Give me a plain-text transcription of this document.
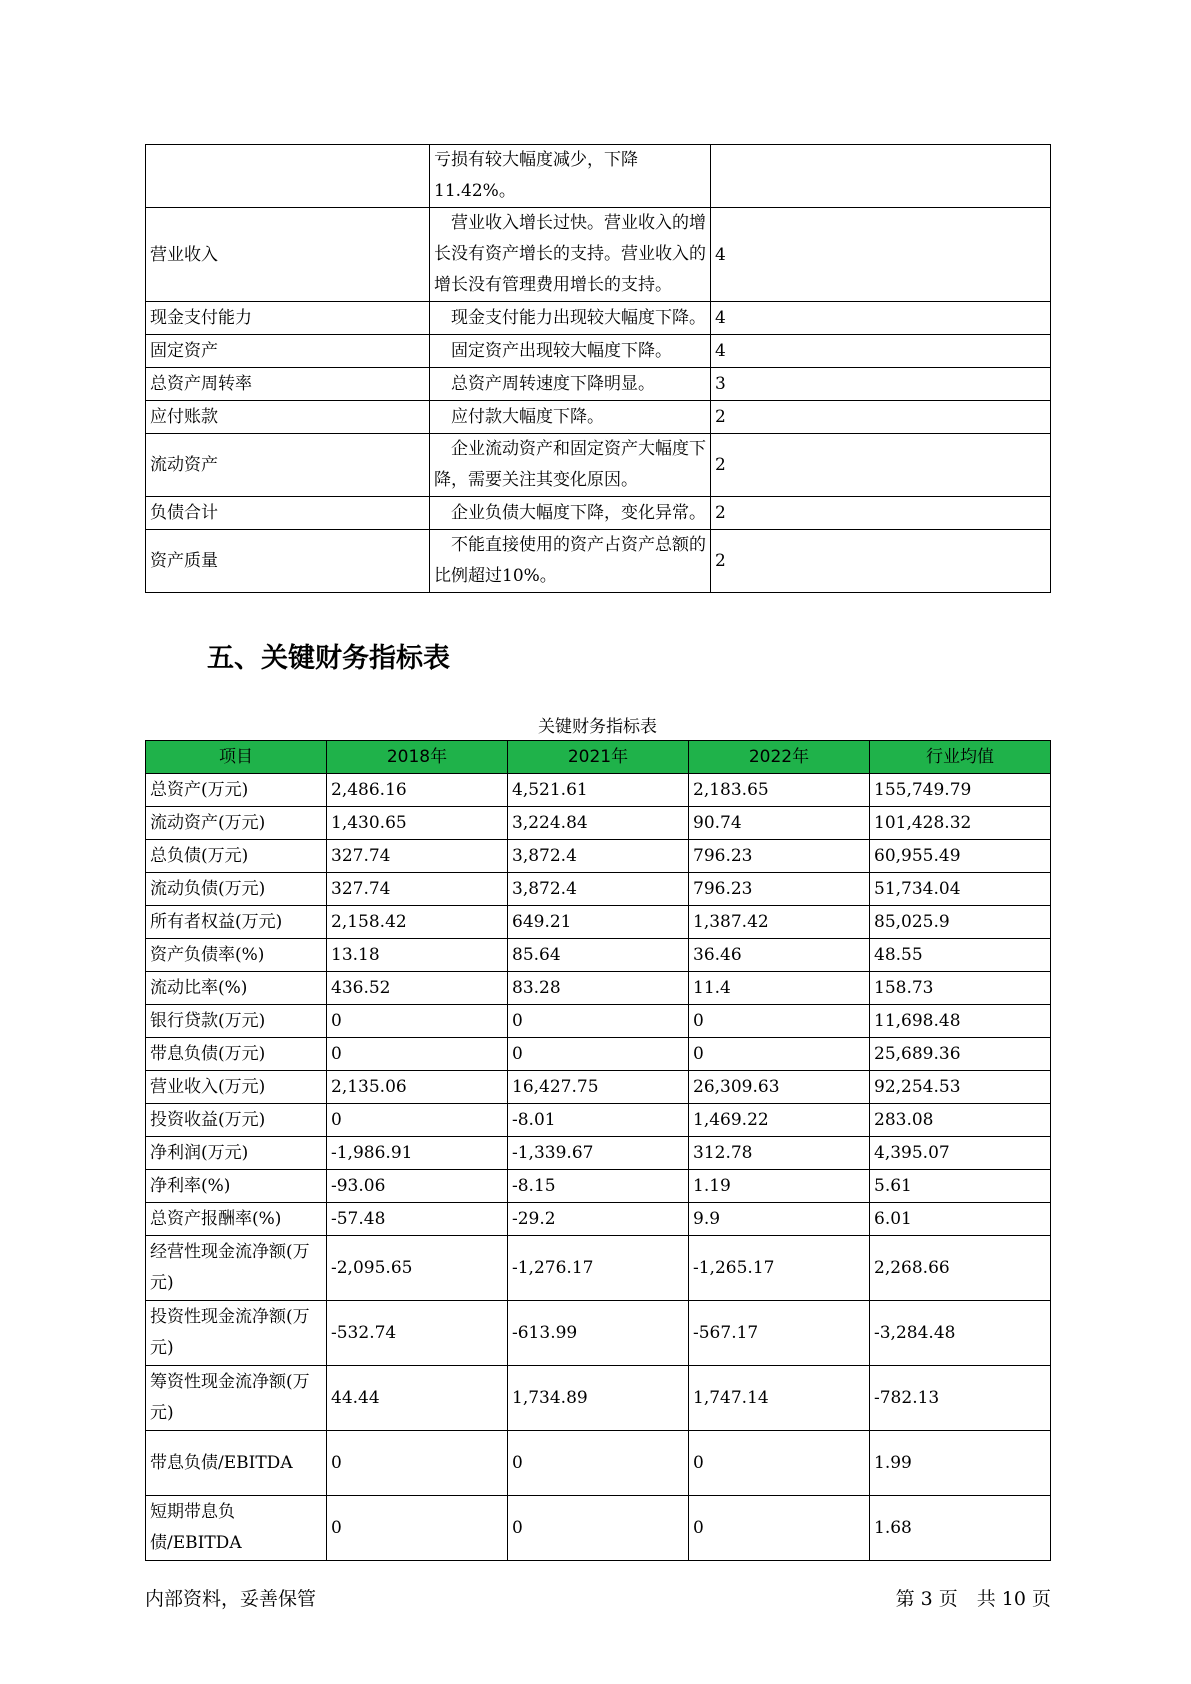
	亏损有较大幅度减少，下降11.42%。	
营业收入	　营业收入增长过快。营业收入的增长没有资产增长的支持。营业收入的增长没有管理费用增长的支持。	4
现金支付能力	　现金支付能力出现较大幅度下降。	4
固定资产	　固定资产出现较大幅度下降。	4
总资产周转率	　总资产周转速度下降明显。	3
应付账款	　应付款大幅度下降。	2
流动资产	　企业流动资产和固定资产大幅度下降，需要关注其变化原因。	2
负债合计	　企业负债大幅度下降，变化异常。	2
资产质量	　不能直接使用的资产占资产总额的比例超过10%。	2
五、关键财务指标表
关键财务指标表
项目	2018年	2021年	2022年	行业均值
总资产(万元)	2,486.16	4,521.61	2,183.65	155,749.79
流动资产(万元)	1,430.65	3,224.84	90.74	101,428.32
总负债(万元)	327.74	3,872.4	796.23	60,955.49
流动负债(万元)	327.74	3,872.4	796.23	51,734.04
所有者权益(万元)	2,158.42	649.21	1,387.42	85,025.9
资产负债率(%)	13.18	85.64	36.46	48.55
流动比率(%)	436.52	83.28	11.4	158.73
银行贷款(万元)	0	0	0	11,698.48
带息负债(万元)	0	0	0	25,689.36
营业收入(万元)	2,135.06	16,427.75	26,309.63	92,254.53
投资收益(万元)	0	-8.01	1,469.22	283.08
净利润(万元)	-1,986.91	-1,339.67	312.78	4,395.07
净利率(%)	-93.06	-8.15	1.19	5.61
总资产报酬率(%)	-57.48	-29.2	9.9	6.01
经营性现金流净额(万元)	-2,095.65	-1,276.17	-1,265.17	2,268.66
投资性现金流净额(万元)	-532.74	-613.99	-567.17	-3,284.48
筹资性现金流净额(万元)	44.44	1,734.89	1,747.14	-782.13
带息负债/EBITDA	0	0	0	1.99
短期带息负债/EBITDA	0	0	0	1.68
内部资料，妥善保管	第 3 页　共 10 页
